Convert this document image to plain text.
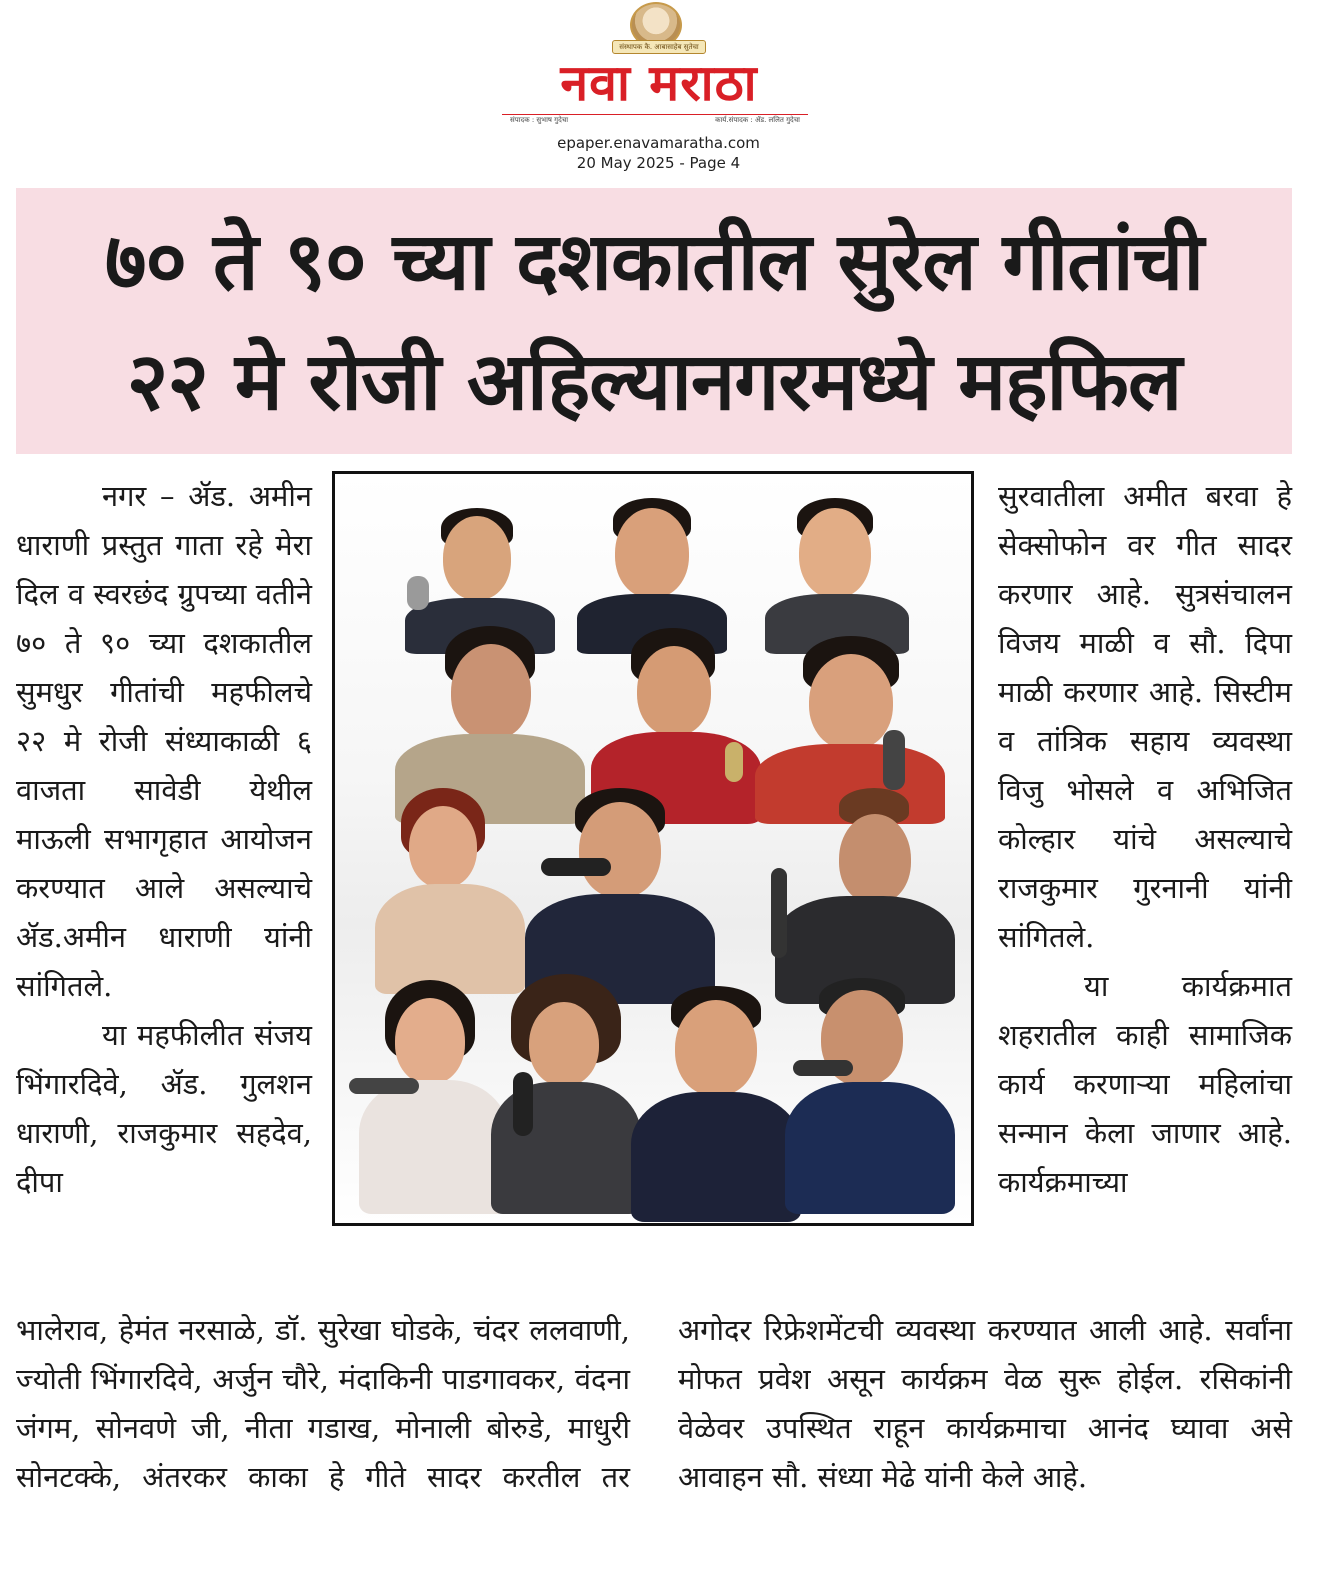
संस्थापक कै. आबासाहेब सुतेचा
नवा मराठा
संपादक : सुभाष गुदेचा	कार्य.संपादक : ॲड. ललित गुदेचा
epaper.enavamaratha.com
20 May 2025 - Page 4
७० ते ९० च्या दशकातील सुरेल गीतांची
२२ मे रोजी अहिल्यानगरमध्ये महफिल

नगर – ॲड. अमीन धाराणी प्रस्तुत गाता रहे मेरा दिल व स्वरछंद ग्रुपच्या वतीने ७० ते ९० च्या दशकातील सुमधुर गीतांची महफीलचे २२ मे रोजी संध्याकाळी ६ वाजता सावेडी येथील माऊली सभागृहात आयोजन करण्यात आले असल्याचे ॲड.अमीन धाराणी यांनी सांगितले.

या महफीलीत संजय भिंगारदिवे, ॲड. गुलशन धाराणी, राजकुमार सहदेव, दीपा

सुरवातीला अमीत बरवा हे सेक्सोफोन वर गीत सादर करणार आहे. सुत्रसंचालन विजय माळी व सौ. दिपा माळी करणार आहे. सिस्टीम व तांत्रिक सहाय व्यवस्था विजु भोसले व अभिजित कोल्हार यांचे असल्याचे राजकुमार गुरनानी यांनी सांगितले.

या कार्यक्रमात शहरातील काही सामाजिक कार्य करणाऱ्या महिलांचा सन्मान केला जाणार आहे. कार्यक्रमाच्या

भालेराव, हेमंत नरसाळे, डॉ. सुरेखा घोडके, चंदर ललवाणी, ज्योती भिंगारदिवे, अर्जुन चौरे, मंदाकिनी पाडगावकर, वंदना जंगम, सोनवणे जी, नीता गडाख, मोनाली बोरुडे, माधुरी सोनटक्के, अंतरकर काका हे गीते सादर करतील तर

अगोदर रिफ्रेशमेंटची व्यवस्था करण्यात आली आहे. सर्वांना मोफत प्रवेश असून कार्यक्रम वेळ सुरू होईल. रसिकांनी वेळेवर उपस्थित राहून कार्यक्रमाचा आनंद घ्यावा असे आवाहन सौ. संध्या मेढे यांनी केले आहे.
